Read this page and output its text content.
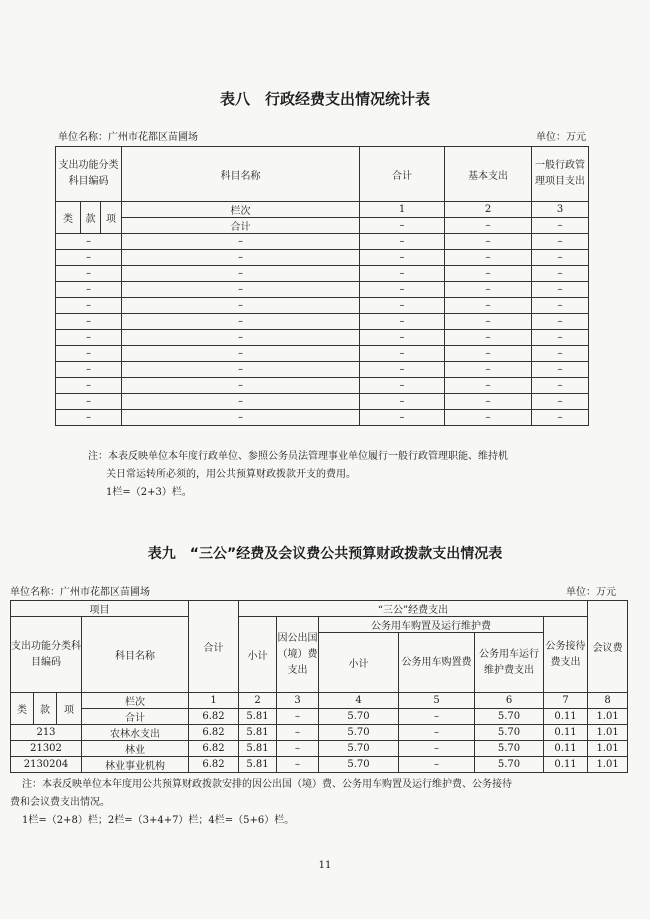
表八　行政经费支出情况统计表
单位名称：广州市花都区苗圃场	单位：万元
支出功能分类科目编码			科目名称	合计	基本支出	一般行政管理项目支出

类	款	项	栏次	1	2	3
			合计	–	–	–
–			–	–	–	–
–			–	–	–	–
–			–	–	–	–
–			–	–	–	–
–			–	–	–	–
–			–	–	–	–
–			–	–	–	–
–			–	–	–	–
–			–	–	–	–
–			–	–	–	–
–			–	–	–	–
–			–	–	–	–
注：本表反映单位本年度行政单位、参照公务员法管理事业单位履行一般行政管理职能、维持机
关日常运转所必须的，用公共预算财政拨款开支的费用。
1栏=（2+3）栏。
表九　“三公”经费及会议费公共预算财政拨款支出情况表
单位名称：广州市花都区苗圃场	单位：万元
项目				合计	“三公”经费支出						会议费
支出功能分类科目编码			科目名称		小计	因公出国（境）费支出	公务用车购置及运行维护费			公务接待费支出	
							小计	公务用车购置费	公务用车运行维护费支出		

类	款	项	栏次	1	2	3	4	5	6	7	8
			合计	6.82	5.81	–	5.70	–	5.70	0.11	1.01
213			农林水支出	6.82	5.81	–	5.70	–	5.70	0.11	1.01
21302			林业	6.82	5.81	–	5.70	–	5.70	0.11	1.01
2130204			林业事业机构	6.82	5.81	–	5.70	–	5.70	0.11	1.01
注：本表反映单位本年度用公共预算财政拨款安排的因公出国（境）费、公务用车购置及运行维护费、公务接待
费和会议费支出情况。
1栏=（2+8）栏；2栏=（3+4+7）栏；4栏=（5+6）栏。
11
